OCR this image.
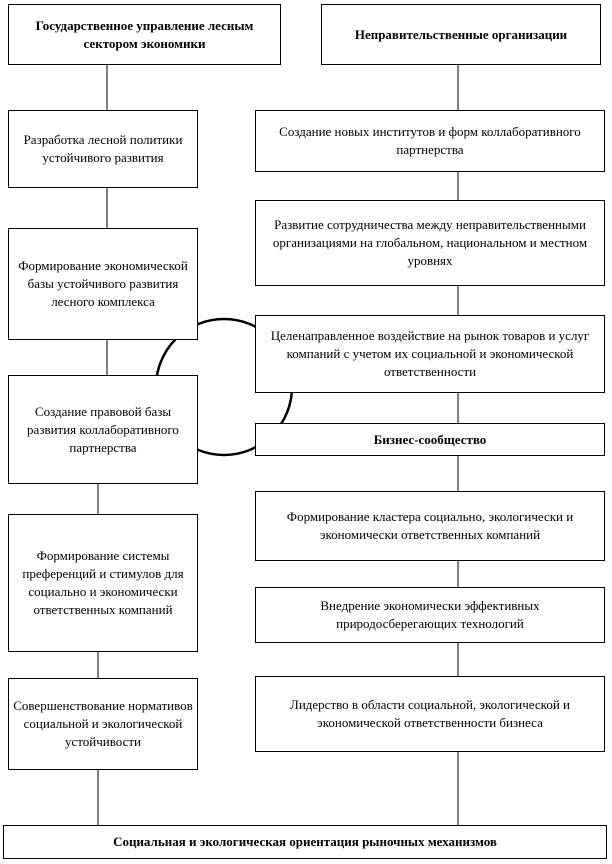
Государственное управление лесным сектором экономики
Разработка лесной политики устойчивого развития
Формирование экономической базы устойчивого развития лесного комплекса
Создание правовой базы развития коллаборативного партнерства
Формирование системы преференций и стимулов для социально и экономически ответственных компаний
Совершенствование нормативов социальной и экологической устойчивости
Неправительственные организации
Создание новых институтов и форм коллаборативного партнерства
Развитие сотрудничества между неправительственными организациями на глобальном, национальном и местном уровнях
Целенаправленное воздействие на рынок товаров и услуг компаний с учетом их социальной и экономической ответственности
Бизнес-сообщество
Формирование кластера социально, экологически и экономически ответственных компаний
Внедрение экономически эффективных природосберегающих технологий
Лидерство в области социальной, экологической и экономической ответственности бизнеса
Социальная и экологическая ориентация рыночных механизмов
